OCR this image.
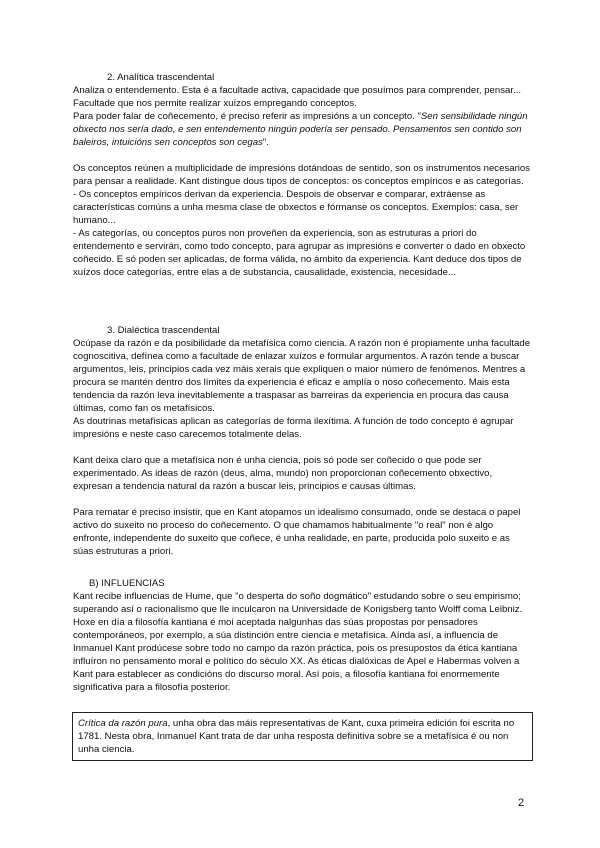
2. Analítica trascendental

Analiza o entendemento. Esta é a facultade activa, capacidade que posuímos para comprender, pensar... Facultade que nos permite realizar xuízos empregando conceptos.

Para poder falar de coñecemento, é preciso referir as impresións a un concepto. "Sen sensibilidade ningún obxecto nos sería dado, e sen entendemento ningún podería ser pensado. Pensamentos sen contido son baleiros, intuicións sen conceptos son cegas".

Os conceptos reúnen a multiplicidade de impresións dotándoas de sentido, son os instrumentos necesarios para pensar a realidade. Kant distingue dous tipos de conceptos: os conceptos empíricos e as categorías.

- Os conceptos empíricos derivan da experiencia. Despois de observar e comparar, extráense as características comúns a unha mesma clase de obxectos e fórmanse os conceptos. Exemplos: casa, ser humano...

- As categorías, ou conceptos puros non proveñen da experiencia, son as estruturas a priori do entendemento e servirán, como todo concepto, para agrupar as impresións e converter o dado en obxecto coñecido. E só poden ser aplicadas, de forma válida, no ámbito da experiencia. Kant deduce dos tipos de xuízos doce categorías, entre elas a de substancia, causalidade, existencia, necesidade...

3. Dialéctica trascendental

Ocúpase da razón e da posibilidade da metafísica como ciencia. A razón non é propiamente unha facultade cognoscitiva, defínea como a facultade de enlazar xuízos e formular argumentos. A razón tende a buscar argumentos, leis, principios cada vez máis xerais que expliquen o maior número de fenómenos. Mentres a procura se mantén dentro dos límites da experiencia é eficaz e amplía o noso coñecemento. Mais esta tendencia da razón leva inevitablemente a traspasar as barreiras da experiencia en procura das causa últimas, como fan os metafísicos.

As doutrinas metafísicas aplican as categorías de forma ilexítima. A función de todo concepto é agrupar impresións e neste caso carecemos totalmente delas.

Kant deixa claro que a metafísica non é unha ciencia, pois só pode ser coñecido o que pode ser experimentado. As ideas de razón (deus, alma, mundo) non proporcionan coñecemento obxectivo, expresan a tendencia natural da razón a buscar leis, principios e causas últimas.

Para rematar é preciso insistir, que en Kant atopamos un idealismo consumado, onde se destaca o papel activo do suxeito no proceso do coñecemento. O que chamamos habitualmente "o real" non é algo enfronte, independente do suxeito que coñece, é unha realidade, en parte, producida polo suxeito e as súas estruturas a priori.

B) INFLUENCIAS

Kant recibe influencias de Hume, que "o desperta do soño dogmático" estudando sobre o seu empirismo; superando así o racionalismo que lle inculcaron na Universidade de Konigsberg tanto Wolff coma Leibniz. Hoxe en día a filosofía kantiana é moi aceptada nalgunhas das súas propostas por pensadores contemporáneos, por exemplo, a súa distinción entre ciencia e metafísica. Aínda así, a influencia de Inmanuel Kant prodúcese sobre todo no campo da razón práctica, pois os presupostos da ética kantiana influíron no pensamento moral e político do século XX. As éticas dialóxicas de Apel e Habermas volven a Kant para establecer as condicións do discurso moral. Así pois, a filosofía kantiana foi enormemente significativa para a filosofía posterior.

Crítica da razón pura, unha obra das máis representativas de Kant, cuxa primeira edición foi escrita no 1781. Nesta obra, Inmanuel Kant trata de dar unha resposta definitiva sobre se a metafísica é ou non unha ciencia.
2
